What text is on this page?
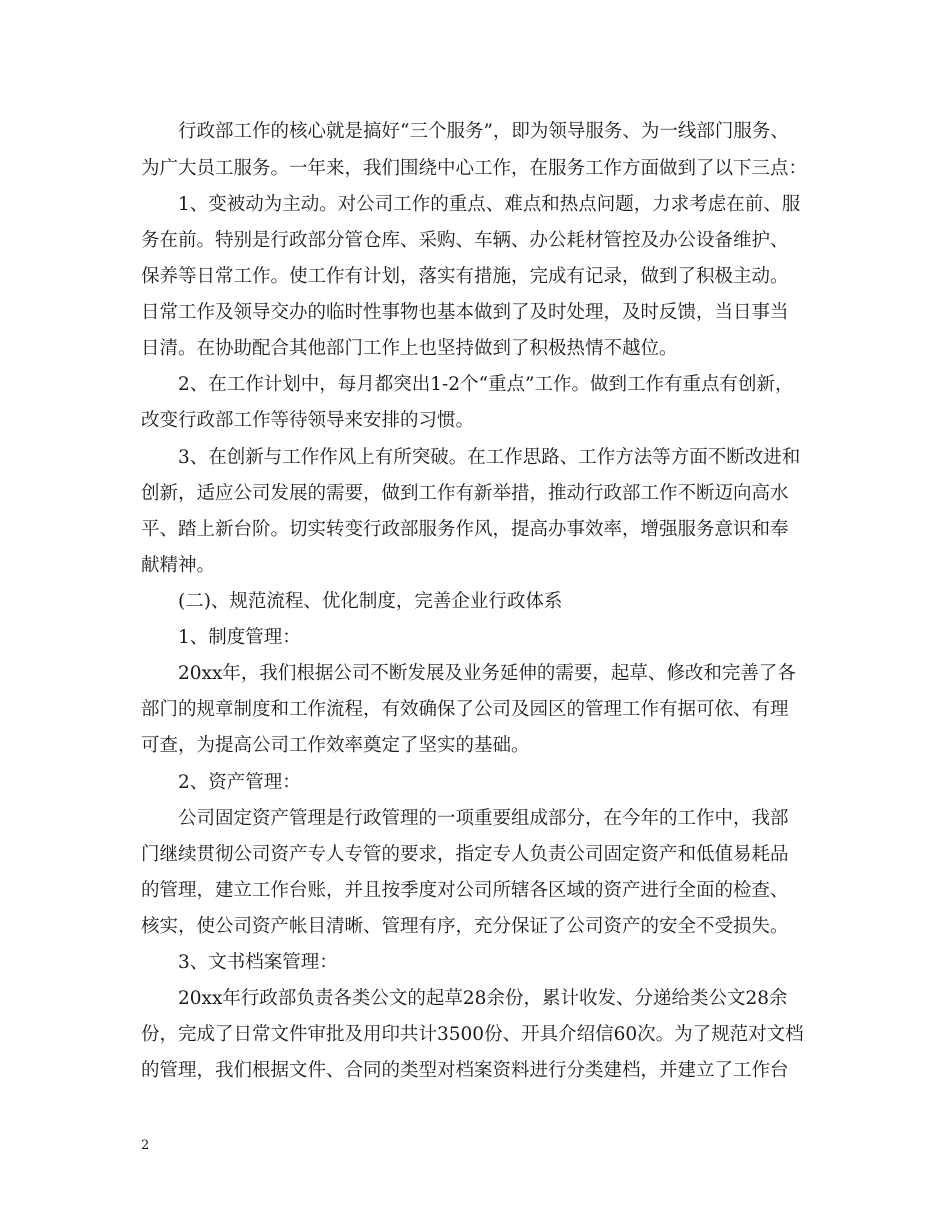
行政部工作的核心就是搞好“三个服务”，即为领导服务、为一线部门服务、
为广大员工服务。一年来，我们围绕中心工作，在服务工作方面做到了以下三点：
1、变被动为主动。对公司工作的重点、难点和热点问题，力求考虑在前、服
务在前。特别是行政部分管仓库、采购、车辆、办公耗材管控及办公设备维护、
保养等日常工作。使工作有计划，落实有措施，完成有记录，做到了积极主动。
日常工作及领导交办的临时性事物也基本做到了及时处理，及时反馈，当日事当
日清。在协助配合其他部门工作上也坚持做到了积极热情不越位。
2、在工作计划中，每月都突出1-2个“重点”工作。做到工作有重点有创新，
改变行政部工作等待领导来安排的习惯。
3、在创新与工作作风上有所突破。在工作思路、工作方法等方面不断改进和
创新，适应公司发展的需要，做到工作有新举措，推动行政部工作不断迈向高水
平、踏上新台阶。切实转变行政部服务作风，提高办事效率，增强服务意识和奉
献精神。
(二)、规范流程、优化制度，完善企业行政体系
1、制度管理：
20xx年，我们根据公司不断发展及业务延伸的需要，起草、修改和完善了各
部门的规章制度和工作流程，有效确保了公司及园区的管理工作有据可依、有理
可查，为提高公司工作效率奠定了坚实的基础。
2、资产管理：
公司固定资产管理是行政管理的一项重要组成部分，在今年的工作中，我部
门继续贯彻公司资产专人专管的要求，指定专人负责公司固定资产和低值易耗品
的管理，建立工作台账，并且按季度对公司所辖各区域的资产进行全面的检查、
核实，使公司资产帐目清晰、管理有序，充分保证了公司资产的安全不受损失。
3、文书档案管理：
20xx年行政部负责各类公文的起草28余份，累计收发、分递给类公文28余
份，完成了日常文件审批及用印共计3500份、开具介绍信60次。为了规范对文档
的管理，我们根据文件、合同的类型对档案资料进行分类建档，并建立了工作台
2
